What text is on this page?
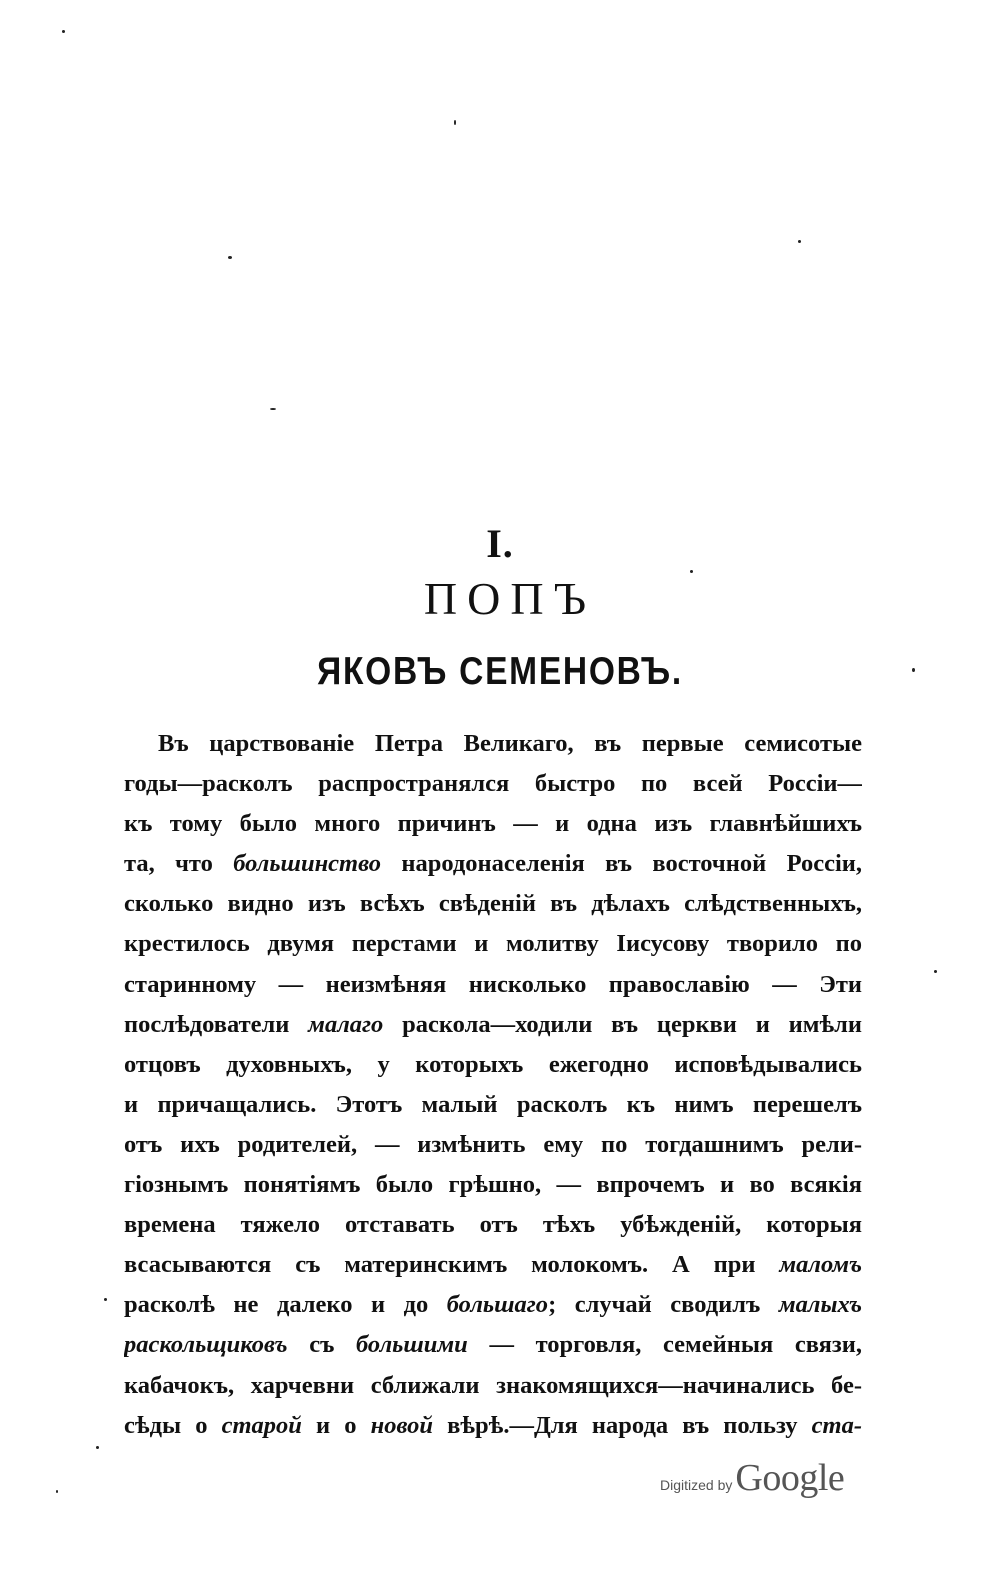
I.
ПОПЪ
ЯКОВЪ СЕМЕНОВЪ.
Въ царствованіе Петра Великаго, въ первые семисотые
годы—расколъ распространялся быстро по всей Россіи—
къ тому было много причинъ — и одна изъ главнѣйшихъ
та, что большинство народонаселенія въ восточной Россіи,
сколько видно изъ всѣхъ свѣденій въ дѣлахъ слѣдственныхъ,
крестилось двумя перстами и молитву Іисусову творило по
старинному — неизмѣняя нисколько православію — Эти
послѣдователи малаго раскола—ходили въ церкви и имѣли
отцовъ духовныхъ, у которыхъ ежегодно исповѣдывались
и причащались. Этотъ малый расколъ къ нимъ перешелъ
отъ ихъ родителей, — измѣнить ему по тогдашнимъ рели-
гіознымъ понятіямъ было грѣшно, — впрочемъ и во всякія
времена тяжело отставать отъ тѣхъ убѣжденій, которыя
всасываются съ материнскимъ молокомъ. А при маломъ
расколѣ не далеко и до большаго; случай сводилъ малыхъ
раскольщиковъ съ большими — торговля, семейныя связи,
кабачокъ, харчевни сближали знакомящихся—начинались бе-
сѣды о старой и о новой вѣрѣ.—Для народа въ пользу ста-
Digitized by Google
